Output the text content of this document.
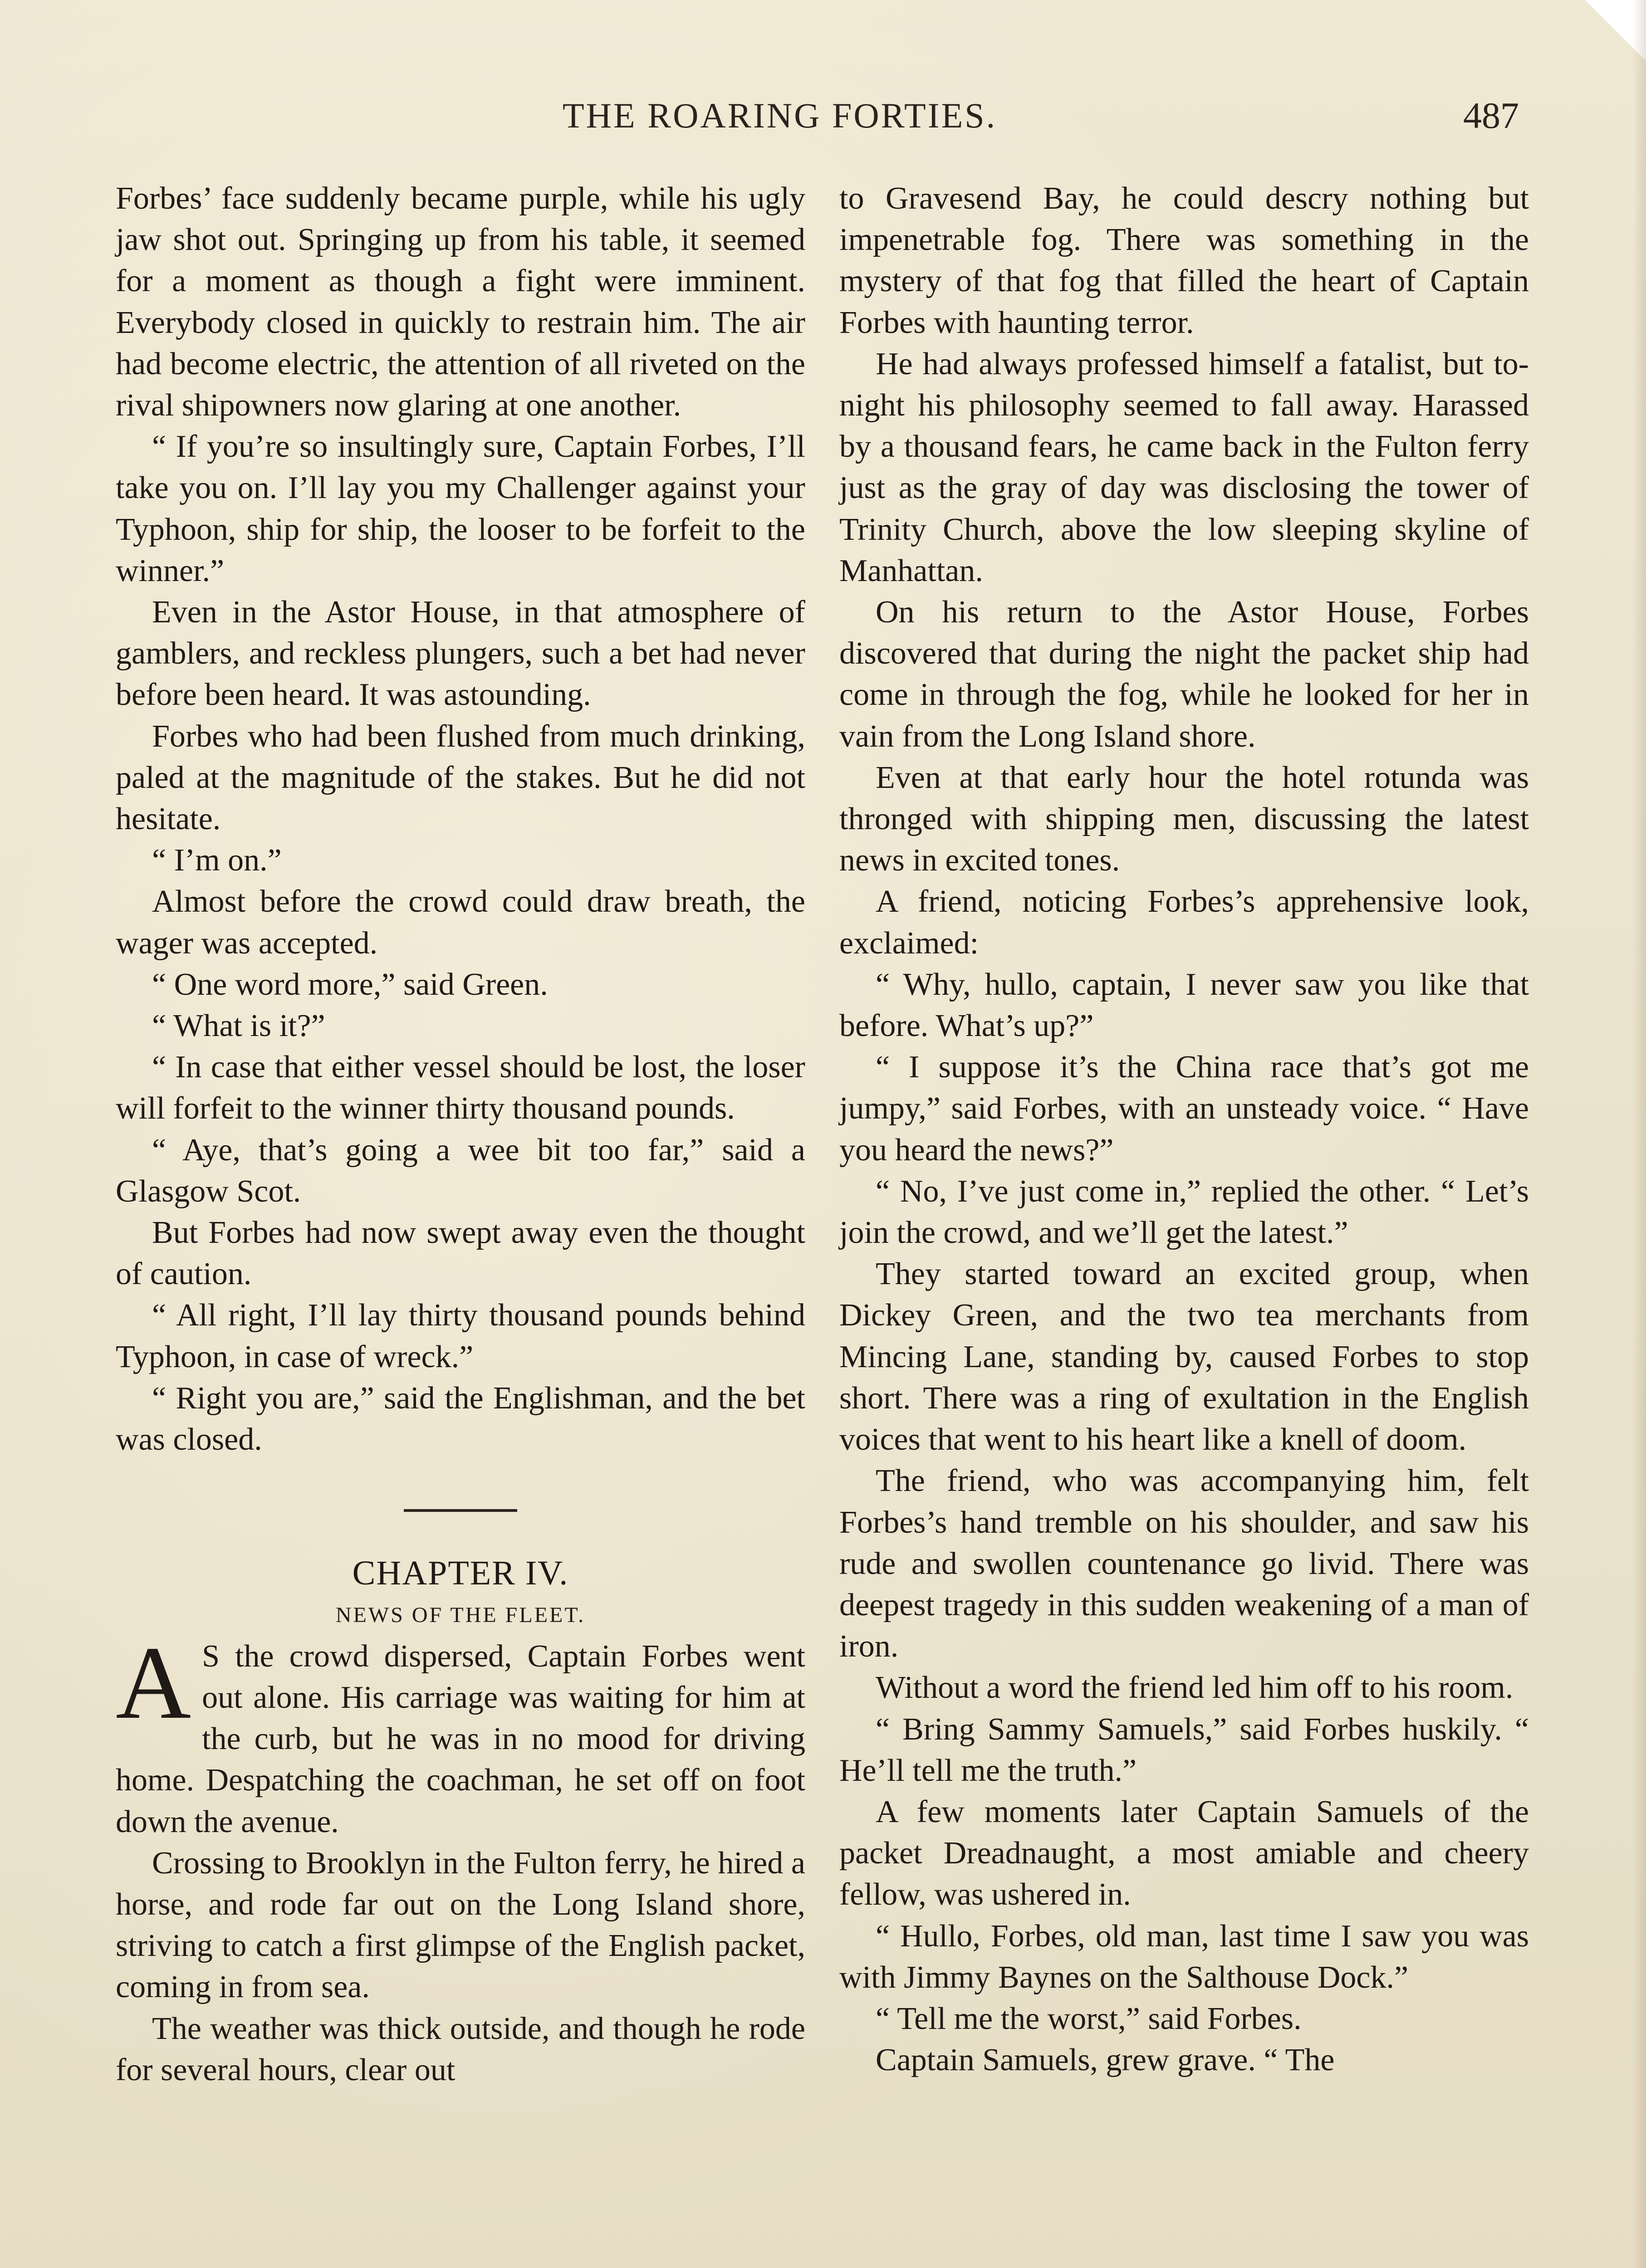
THE ROARING FORTIES.	487

Forbes’ face suddenly became purple, while his ugly jaw shot out. Springing up from his table, it seemed for a moment as though a fight were imminent. Everybody closed in quickly to restrain him. The air had become electric, the attention of all riveted on the rival shipowners now glaring at one another.

“ If you’re so insultingly sure, Captain Forbes, I’ll take you on. I’ll lay you my Challenger against your Typhoon, ship for ship, the looser to be forfeit to the winner.”

Even in the Astor House, in that atmosphere of gamblers, and reckless plungers, such a bet had never before been heard. It was astounding.

Forbes who had been flushed from much drinking, paled at the magnitude of the stakes. But he did not hesitate.

“ I’m on.”

Almost before the crowd could draw breath, the wager was accepted.

“ One word more,” said Green.

“ What is it?”

“ In case that either vessel should be lost, the loser will forfeit to the winner thirty thousand pounds.

“ Aye, that’s going a wee bit too far,” said a Glasgow Scot.

But Forbes had now swept away even the thought of caution.

“ All right, I’ll lay thirty thousand pounds behind Typhoon, in case of wreck.”

“ Right you are,” said the Englishman, and the bet was closed.

CHAPTER IV.

NEWS OF THE FLEET.

A S the crowd dispersed, Captain Forbes went out alone. His carriage was waiting for him at the curb, but he was in no mood for driving home. Despatching the coachman, he set off on foot down the avenue.

Crossing to Brooklyn in the Fulton ferry, he hired a horse, and rode far out on the Long Island shore, striving to catch a first glimpse of the English packet, coming in from sea.

The weather was thick outside, and though he rode for several hours, clear out

to Gravesend Bay, he could descry nothing but impenetrable fog. There was something in the mystery of that fog that filled the heart of Captain Forbes with haunting terror.

He had always professed himself a fatalist, but to-night his philosophy seemed to fall away. Harassed by a thousand fears, he came back in the Fulton ferry just as the gray of day was disclosing the tower of Trinity Church, above the low sleeping skyline of Manhattan.

On his return to the Astor House, Forbes discovered that during the night the packet ship had come in through the fog, while he looked for her in vain from the Long Island shore.

Even at that early hour the hotel rotunda was thronged with shipping men, discussing the latest news in excited tones.

A friend, noticing Forbes’s apprehensive look, exclaimed:

“ Why, hullo, captain, I never saw you like that before. What’s up?”

“ I suppose it’s the China race that’s got me jumpy,” said Forbes, with an unsteady voice. “ Have you heard the news?”

“ No, I’ve just come in,” replied the other. “ Let’s join the crowd, and we’ll get the latest.”

They started toward an excited group, when Dickey Green, and the two tea merchants from Mincing Lane, standing by, caused Forbes to stop short. There was a ring of exultation in the English voices that went to his heart like a knell of doom.

The friend, who was accompanying him, felt Forbes’s hand tremble on his shoulder, and saw his rude and swollen countenance go livid. There was deepest tragedy in this sudden weakening of a man of iron.

Without a word the friend led him off to his room.

“ Bring Sammy Samuels,” said Forbes huskily. “ He’ll tell me the truth.”

A few moments later Captain Samuels of the packet Dreadnaught, a most amiable and cheery fellow, was ushered in.

“ Hullo, Forbes, old man, last time I saw you was with Jimmy Baynes on the Salthouse Dock.”

“ Tell me the worst,” said Forbes.

Captain Samuels, grew grave. “ The
